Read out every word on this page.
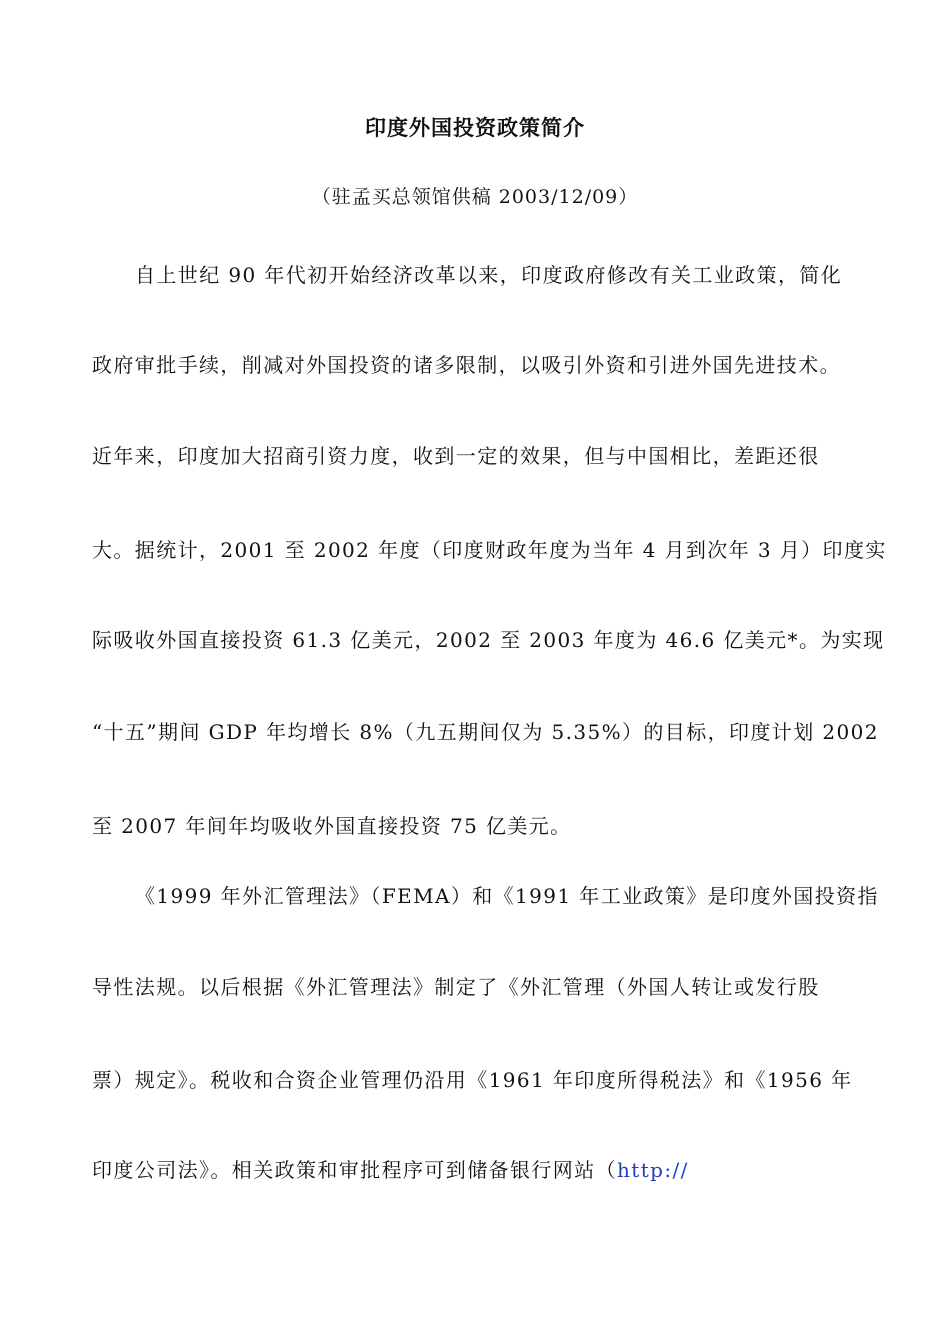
印度外国投资政策简介
（驻孟买总领馆供稿 2003/12/09）
自上世纪 90 年代初开始经济改革以来，印度政府修改有关工业政策，简化
政府审批手续，削减对外国投资的诸多限制，以吸引外资和引进外国先进技术。
近年来，印度加大招商引资力度，收到一定的效果，但与中国相比，差距还很
大。据统计，2001 至 2002 年度（印度财政年度为当年 4 月到次年 3 月）印度实
际吸收外国直接投资 61.3 亿美元，2002 至 2003 年度为 46.6 亿美元*。为实现
“十五”期间 GDP 年均增长 8%（九五期间仅为 5.35%）的目标，印度计划 2002
至 2007 年间年均吸收外国直接投资 75 亿美元。
《1999 年外汇管理法》（FEMA）和《1991 年工业政策》是印度外国投资指
导性法规。以后根据《外汇管理法》制定了《外汇管理（外国人转让或发行股
票）规定》。税收和合资企业管理仍沿用《1961 年印度所得税法》和《1956 年
印度公司法》。相关政策和审批程序可到储备银行网站（http://
